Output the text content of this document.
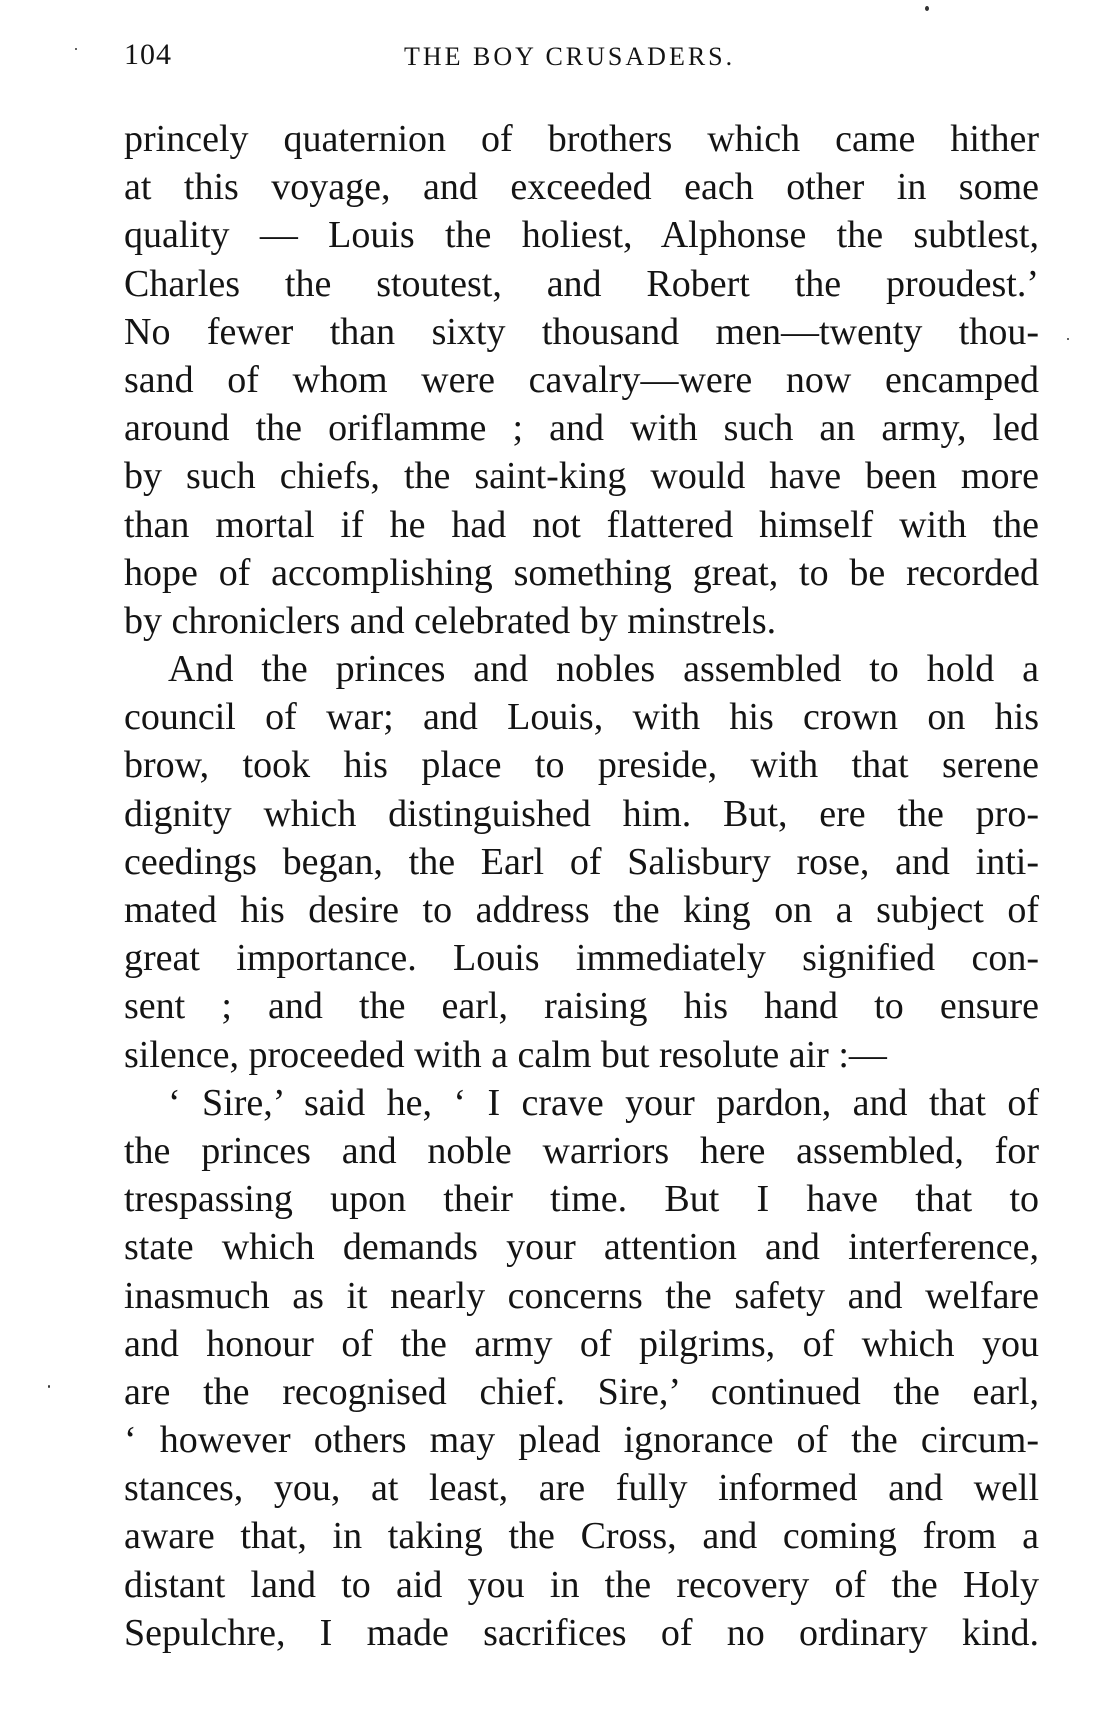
104	THE BOY CRUSADERS.
princely quaternion of brothers which came hither
at this voyage, and exceeded each other in some
quality — Louis the holiest, Alphonse the subtlest,
Charles the stoutest, and Robert the proudest.’
No fewer than sixty thousand men—twenty thou-
sand of whom were cavalry—were now encamped
around the oriflamme ; and with such an army, led
by such chiefs, the saint-king would have been more
than mortal if he had not flattered himself with the
hope of accomplishing something great, to be recorded
by chroniclers and celebrated by minstrels.
And the princes and nobles assembled to hold a
council of war; and Louis, with his crown on his
brow, took his place to preside, with that serene
dignity which distinguished him. But, ere the pro-
ceedings began, the Earl of Salisbury rose, and inti-
mated his desire to address the king on a subject of
great importance. Louis immediately signified con-
sent ; and the earl, raising his hand to ensure
silence, proceeded with a calm but resolute air :—
‘ Sire,’ said he, ‘ I crave your pardon, and that of
the princes and noble warriors here assembled, for
trespassing upon their time. But I have that to
state which demands your attention and interference,
inasmuch as it nearly concerns the safety and welfare
and honour of the army of pilgrims, of which you
are the recognised chief. Sire,’ continued the earl,
‘ however others may plead ignorance of the circum-
stances, you, at least, are fully informed and well
aware that, in taking the Cross, and coming from a
distant land to aid you in the recovery of the Holy
Sepulchre, I made sacrifices of no ordinary kind.
